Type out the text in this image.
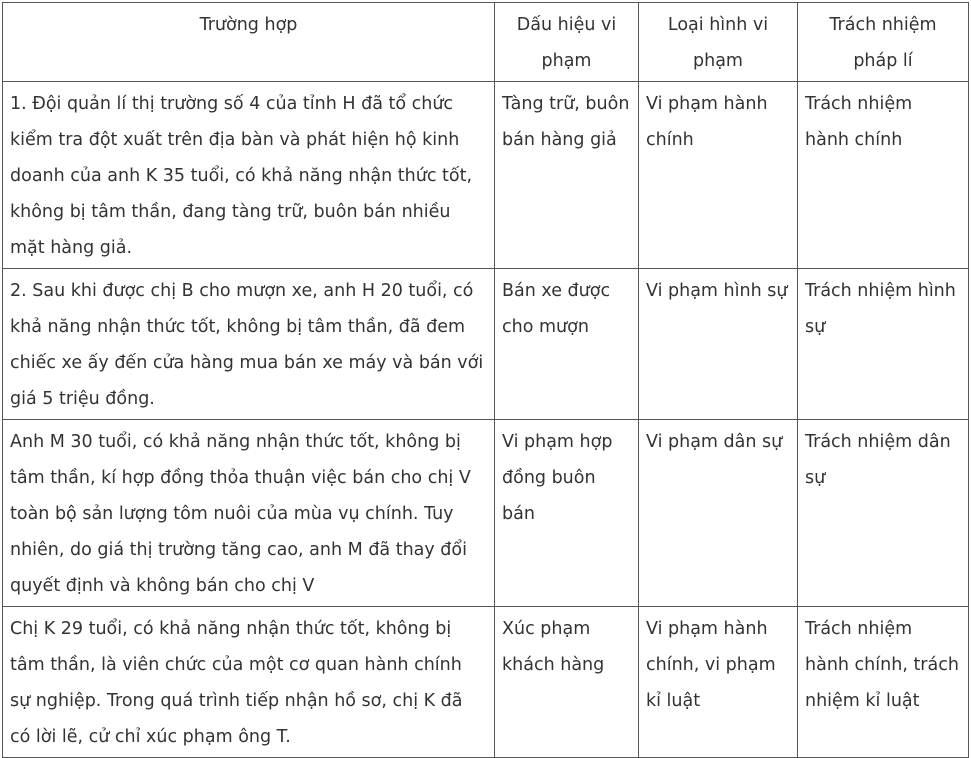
Trường hợp	Dấu hiệu vi phạm	Loại hình vi phạm	Trách nhiệm pháp lí
1. Đội quản lí thị trường số 4 của tỉnh H đã tổ chức kiểm tra đột xuất trên địa bàn và phát hiện hộ kinh doanh của anh K 35 tuổi, có khả năng nhận thức tốt, không bị tâm thần, đang tàng trữ, buôn bán nhiều mặt hàng giả.	Tàng trữ, buôn bán hàng giả	Vi phạm hành chính	Trách nhiệm hành chính
2. Sau khi được chị B cho mượn xe, anh H 20 tuổi, có khả năng nhận thức tốt, không bị tâm thần, đã đem chiếc xe ấy đến cửa hàng mua bán xe máy và bán với giá 5 triệu đồng.	Bán xe được cho mượn	Vi phạm hình sự	Trách nhiệm hình sự
Anh M 30 tuổi, có khả năng nhận thức tốt, không bị tâm thần, kí hợp đồng thỏa thuận việc bán cho chị V toàn bộ sản lượng tôm nuôi của mùa vụ chính. Tuy nhiên, do giá thị trường tăng cao, anh M đã thay đổi quyết định và không bán cho chị V	Vi phạm hợp đồng buôn bán	Vi phạm dân sự	Trách nhiệm dân sự
Chị K 29 tuổi, có khả năng nhận thức tốt, không bị tâm thần, là viên chức của một cơ quan hành chính sự nghiệp. Trong quá trình tiếp nhận hồ sơ, chị K đã có lời lẽ, cử chỉ xúc phạm ông T.	Xúc phạm khách hàng	Vi phạm hành chính, vi phạm kỉ luật	Trách nhiệm hành chính, trách nhiệm kỉ luật
